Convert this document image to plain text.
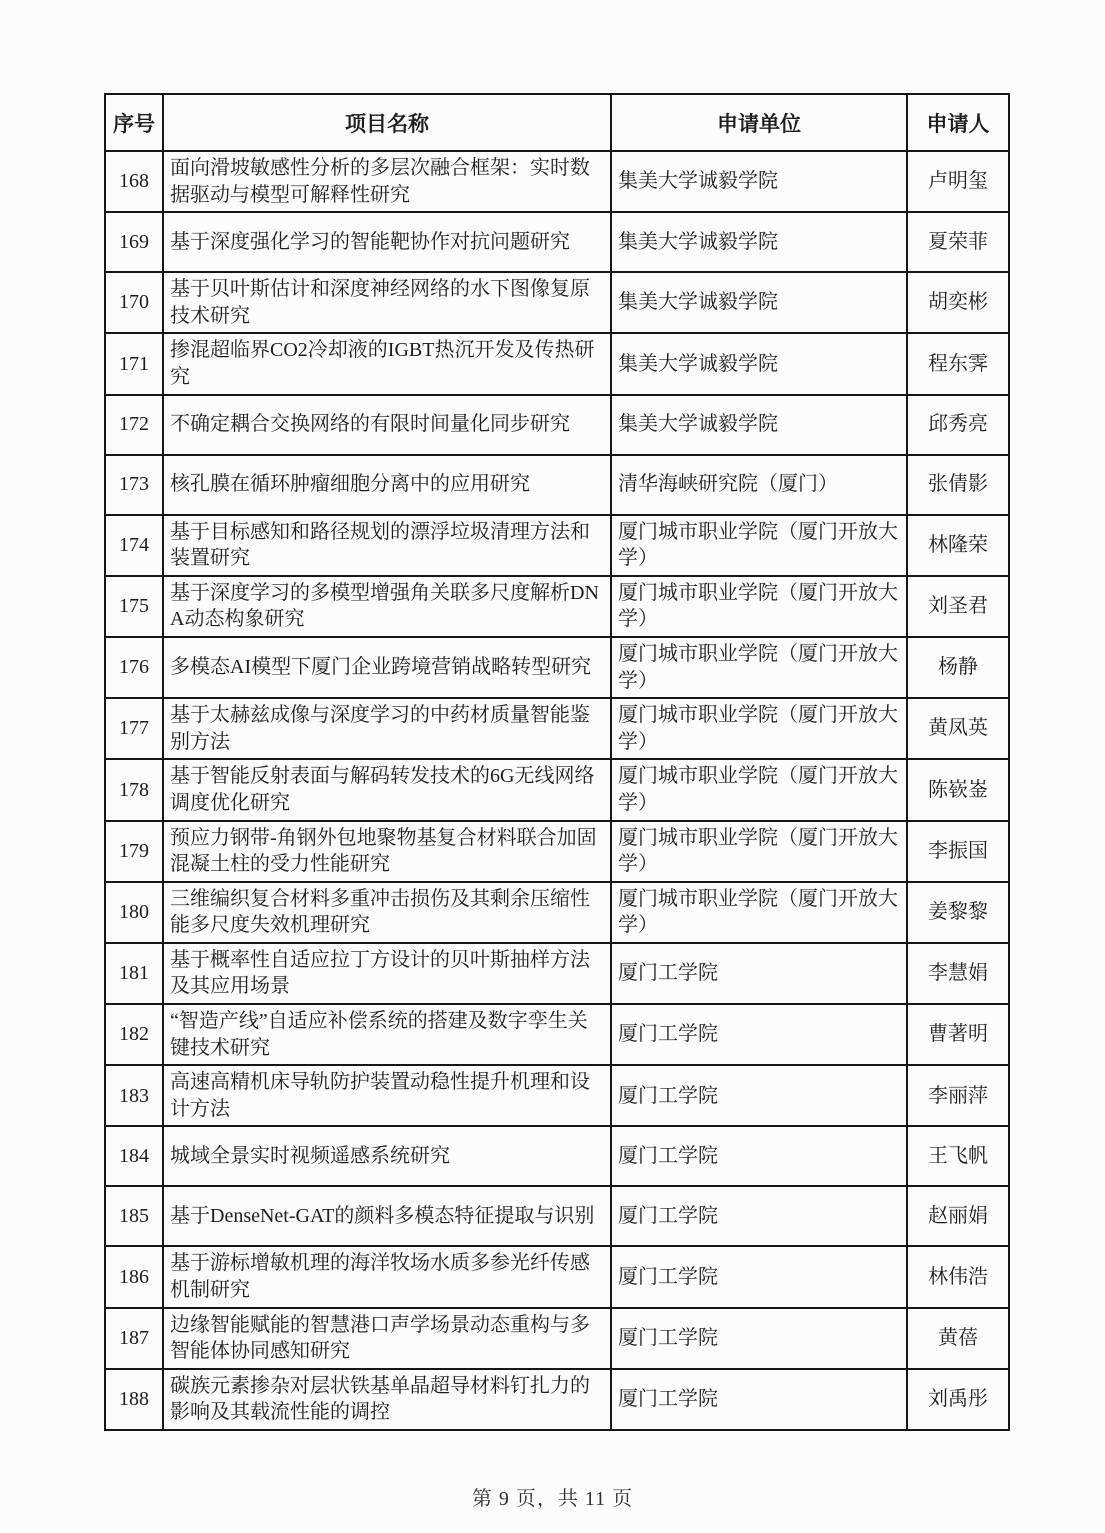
序号	项目名称	申请单位	申请人
168	面向滑坡敏感性分析的多层次融合框架：实时数据驱动与模型可解释性研究	集美大学诚毅学院	卢明玺
169	基于深度强化学习的智能靶协作对抗问题研究	集美大学诚毅学院	夏荣菲
170	基于贝叶斯估计和深度神经网络的水下图像复原技术研究	集美大学诚毅学院	胡奕彬
171	掺混超临界CO2冷却液的IGBT热沉开发及传热研究	集美大学诚毅学院	程东霁
172	不确定耦合交换网络的有限时间量化同步研究	集美大学诚毅学院	邱秀亮
173	核孔膜在循环肿瘤细胞分离中的应用研究	清华海峡研究院（厦门）	张倩影
174	基于目标感知和路径规划的漂浮垃圾清理方法和装置研究	厦门城市职业学院（厦门开放大学）	林隆荣
175	基于深度学习的多模型增强角关联多尺度解析DNA动态构象研究	厦门城市职业学院（厦门开放大学）	刘圣君
176	多模态AI模型下厦门企业跨境营销战略转型研究	厦门城市职业学院（厦门开放大学）	杨静
177	基于太赫兹成像与深度学习的中药材质量智能鉴别方法	厦门城市职业学院（厦门开放大学）	黄凤英
178	基于智能反射表面与解码转发技术的6G无线网络调度优化研究	厦门城市职业学院（厦门开放大学）	陈嵚崟
179	预应力钢带-角钢外包地聚物基复合材料联合加固混凝土柱的受力性能研究	厦门城市职业学院（厦门开放大学）	李振国
180	三维编织复合材料多重冲击损伤及其剩余压缩性能多尺度失效机理研究	厦门城市职业学院（厦门开放大学）	姜黎黎
181	基于概率性自适应拉丁方设计的贝叶斯抽样方法及其应用场景	厦门工学院	李慧娟
182	“智造产线”自适应补偿系统的搭建及数字孪生关键技术研究	厦门工学院	曹著明
183	高速高精机床导轨防护装置动稳性提升机理和设计方法	厦门工学院	李丽萍
184	城域全景实时视频遥感系统研究	厦门工学院	王飞帆
185	基于DenseNet-GAT的颜料多模态特征提取与识别	厦门工学院	赵丽娟
186	基于游标增敏机理的海洋牧场水质多参光纤传感机制研究	厦门工学院	林伟浩
187	边缘智能赋能的智慧港口声学场景动态重构与多智能体协同感知研究	厦门工学院	黄蓓
188	碳族元素掺杂对层状铁基单晶超导材料钉扎力的影响及其载流性能的调控	厦门工学院	刘禹彤
第 9 页，共 11 页
